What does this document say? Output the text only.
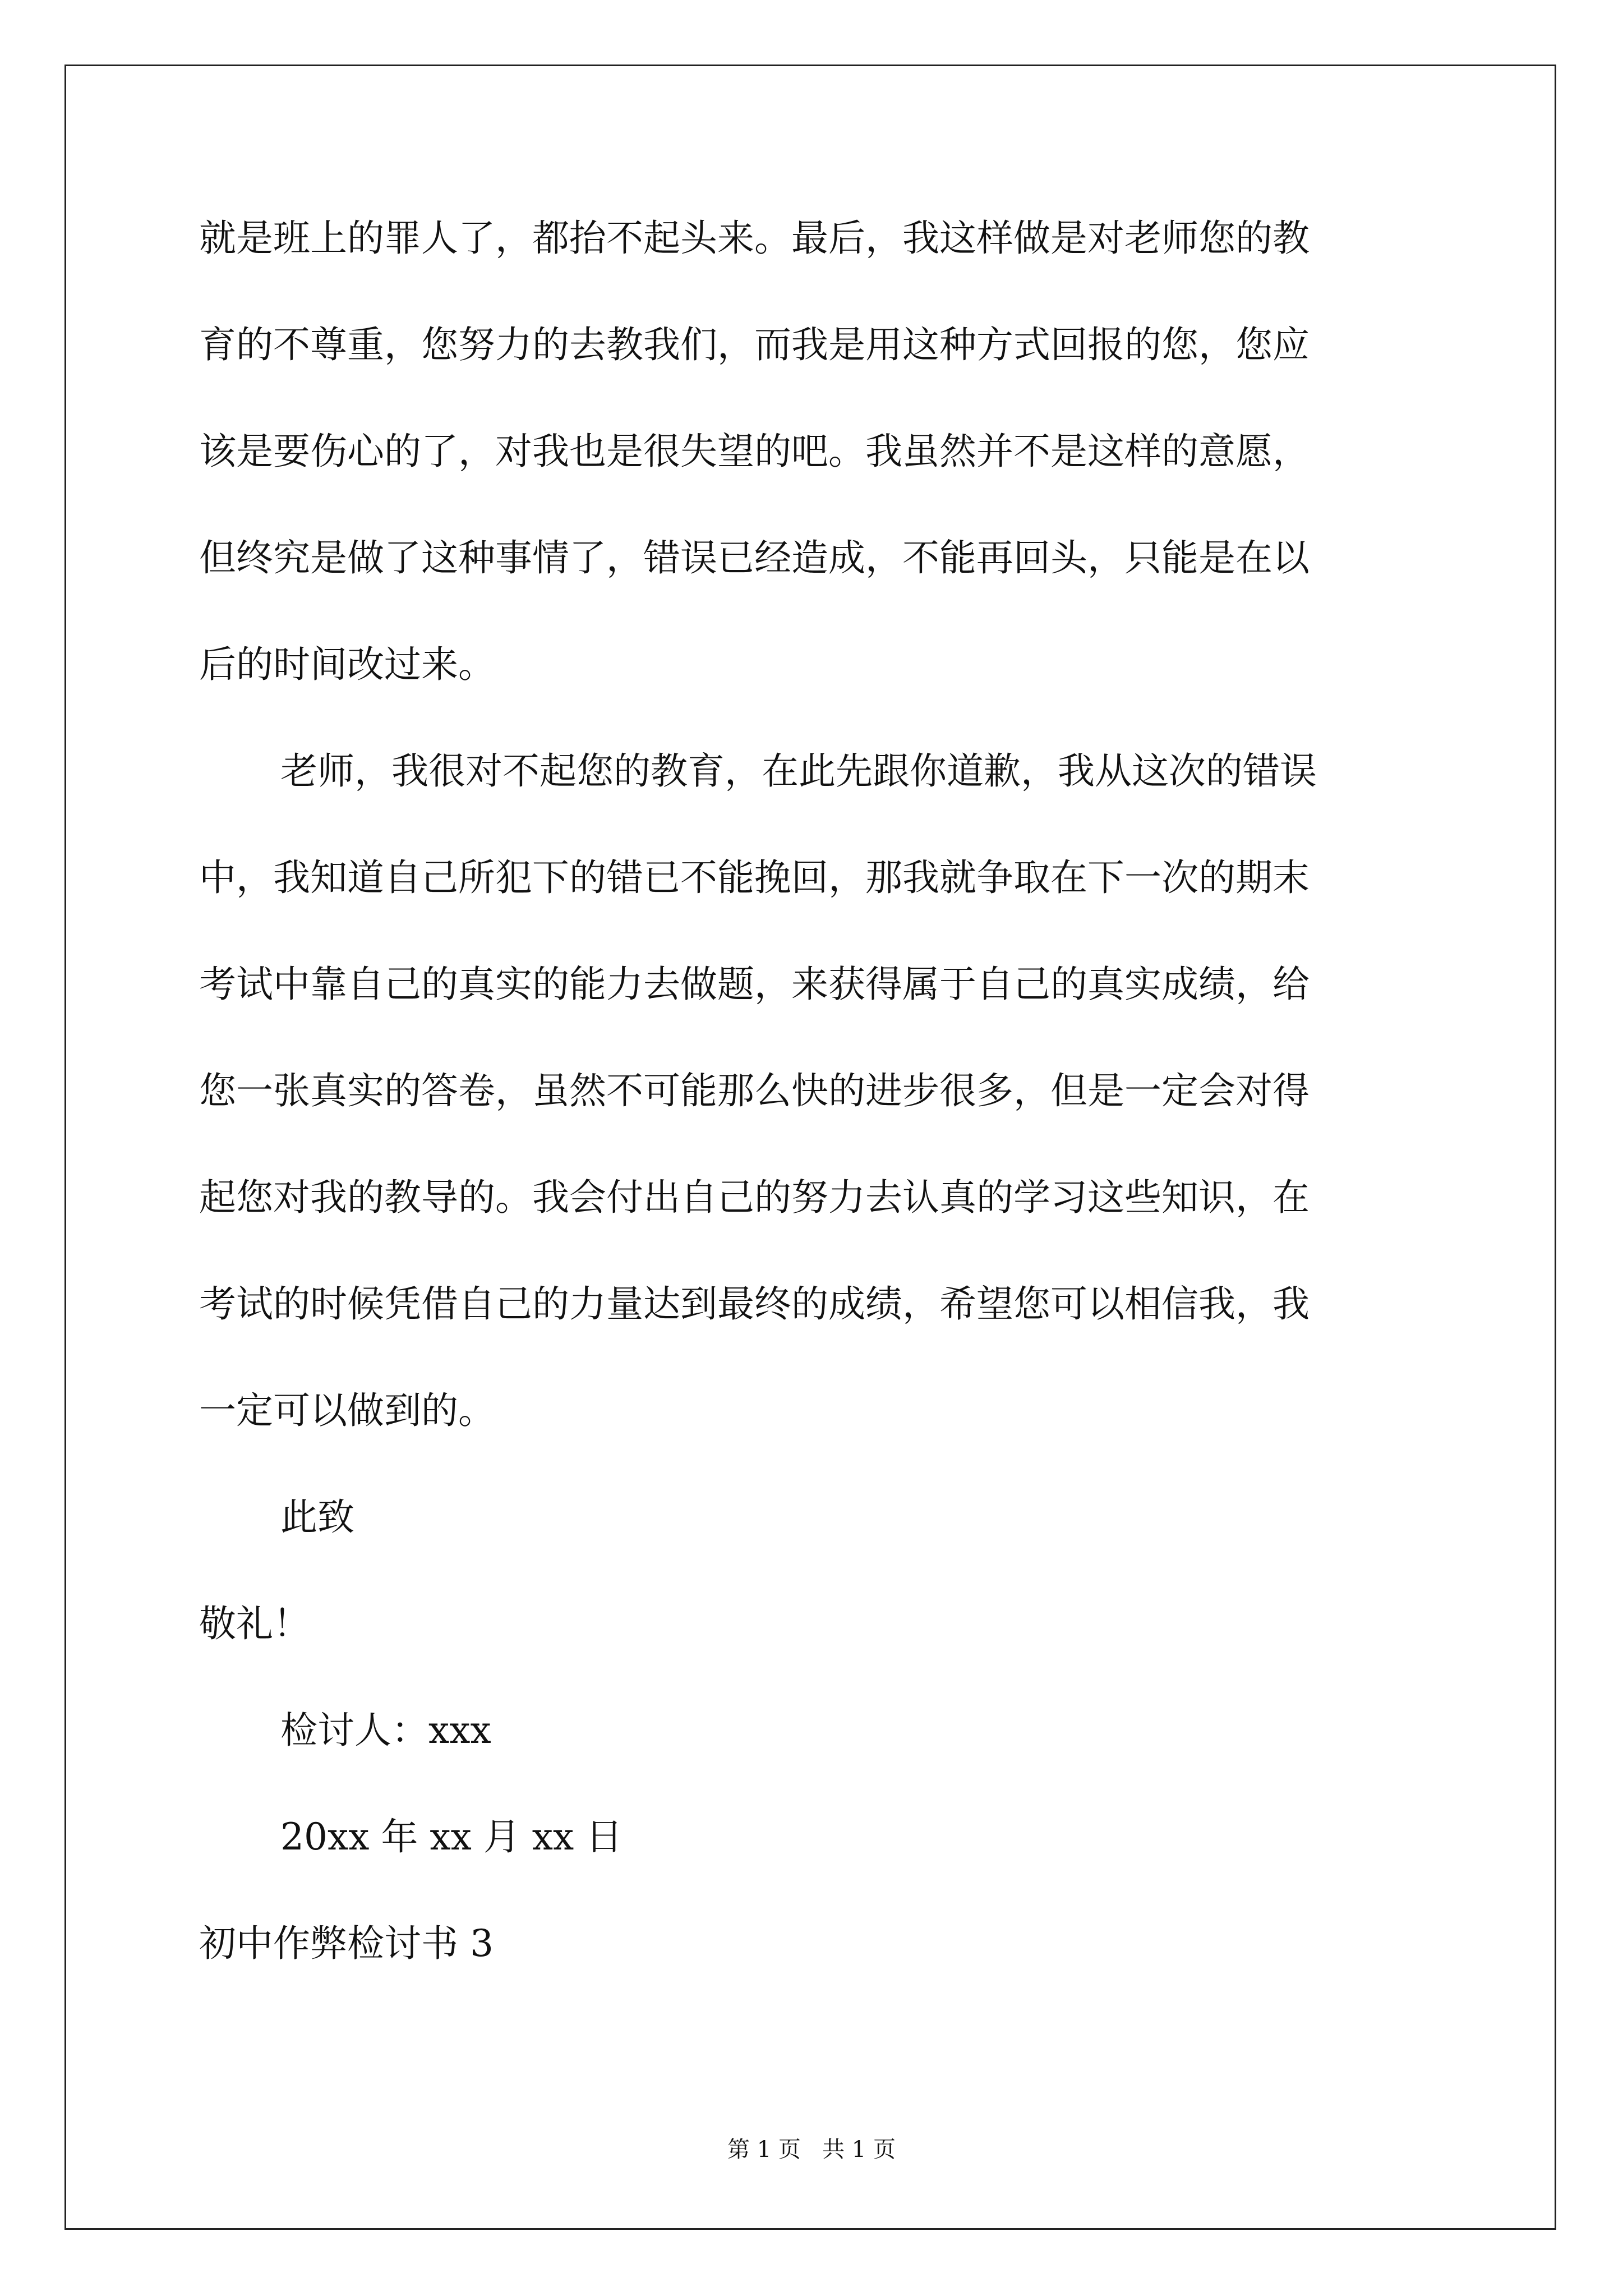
就是班上的罪人了，都抬不起头来。最后，我这样做是对老师您的教
育的不尊重，您努力的去教我们，而我是用这种方式回报的您，您应
该是要伤心的了，对我也是很失望的吧。我虽然并不是这样的意愿，
但终究是做了这种事情了，错误已经造成，不能再回头，只能是在以
后的时间改过来。
老师，我很对不起您的教育，在此先跟你道歉，我从这次的错误
中，我知道自己所犯下的错已不能挽回，那我就争取在下一次的期末
考试中靠自己的真实的能力去做题，来获得属于自己的真实成绩，给
您一张真实的答卷，虽然不可能那么快的进步很多，但是一定会对得
起您对我的教导的。我会付出自己的努力去认真的学习这些知识，在
考试的时候凭借自己的力量达到最终的成绩，希望您可以相信我，我
一定可以做到的。
此致
敬礼！
检讨人：xxx
20xx 年 xx 月 xx 日
初中作弊检讨书 3
第 1 页   共 1 页
